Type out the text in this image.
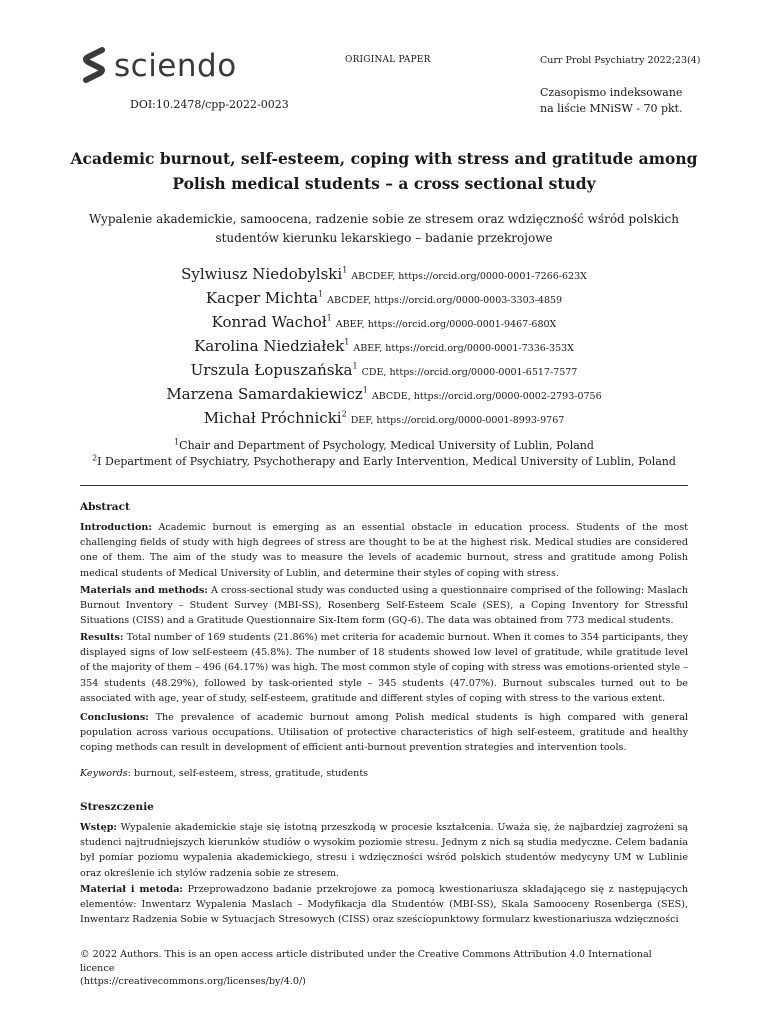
sciendo
DOI:10.2478/cpp-2022-0023
ORIGINAL PAPER	Curr Probl Psychiatry 2022;23(4)
Czasopismo indeksowane
na liście MNiSW - 70 pkt.
Academic burnout, self-esteem, coping with stress and gratitude among
Polish medical students – a cross sectional study
Wypalenie akademickie, samoocena, radzenie sobie ze stresem oraz wdzięczność wśród polskich
studentów kierunku lekarskiego – badanie przekrojowe
Sylwiusz Niedobylski$^1$ABCDEF, https://orcid.org/0000-0001-7266-623X
Kacper Michta$^1$ABCDEF, https://orcid.org/0000-0003-3303-4859
Konrad Wachoł$^1$ABEF, https://orcid.org/0000-0001-9467-680X
Karolina Niedziałek$^1$ABEF, https://orcid.org/0000-0001-7336-353X
Urszula Łopuszańska$^1$CDE, https://orcid.org/0000-0001-6517-7577
Marzena Samardakiewicz$^1$ABCDE, https://orcid.org/0000-0002-2793-0756
Michał Próchnicki$^2$DEF, https://orcid.org/0000-0001-8993-9767
$^1$Chair and Department of Psychology, Medical University of Lublin, Poland
$^2$I Department of Psychiatry, Psychotherapy and Early Intervention, Medical University of Lublin, Poland
Abstract
Introduction: Academic burnout is emerging as an essential obstacle in education process. Students of the most challenging fields of study with high degrees of stress are thought to be at the highest risk. Medical studies are considered one of them. The aim of the study was to measure the levels of academic burnout, stress and gratitude among Polish medical students of Medical University of Lublin, and determine their styles of coping with stress.
Materials and methods: A cross-sectional study was conducted using a questionnaire comprised of the following: Maslach Burnout Inventory – Student Survey (MBI-SS), Rosenberg Self-Esteem Scale (SES), a Coping Inventory for Stressful Situations (CISS) and a Gratitude Questionnaire Six-Item form (GQ-6). The data was obtained from 773 medical students.
Results: Total number of 169 students (21.86%) met criteria for academic burnout. When it comes to 354 participants, they displayed signs of low self-esteem (45.8%). The number of 18 students showed low level of gratitude, while gratitude level of the majority of them – 496 (64.17%) was high. The most common style of coping with stress was emotions-oriented style – 354 students (48.29%), followed by task-oriented style – 345 students (47.07%). Burnout subscales turned out to be associated with age, year of study, self-esteem, gratitude and different styles of coping with stress to the various extent.
Conclusions: The prevalence of academic burnout among Polish medical students is high compared with general population across various occupations. Utilisation of protective characteristics of high self-esteem, gratitude and healthy coping methods can result in development of efficient anti-burnout prevention strategies and intervention tools.
Keywords: burnout, self-esteem, stress, gratitude, students
Streszczenie
Wstęp: Wypalenie akademickie staje się istotną przeszkodą w procesie kształcenia. Uważa się, że najbardziej zagrożeni są studenci najtrudniejszych kierunków studiów o wysokim poziomie stresu. Jednym z nich są studia medyczne. Celem badania był pomiar poziomu wypalenia akademickiego, stresu i wdzięczności wśród polskich studentów medycyny UM w Lublinie oraz określenie ich stylów radzenia sobie ze stresem.
Materiał i metoda: Przeprowadzono badanie przekrojowe za pomocą kwestionariusza składającego się z następujących elementów: Inwentarz Wypalenia Maslach – Modyfikacja dla Studentów (MBI-SS), Skala Samooceny Rosenberga (SES), Inwentarz Radzenia Sobie w Sytuacjach Stresowych (CISS) oraz sześciopunktowy formularz kwestionariusza wdzięczności
© 2022 Authors. This is an open access article distributed under the Creative Commons Attribution 4.0 International licence
(https://creativecommons.org/licenses/by/4.0/)
